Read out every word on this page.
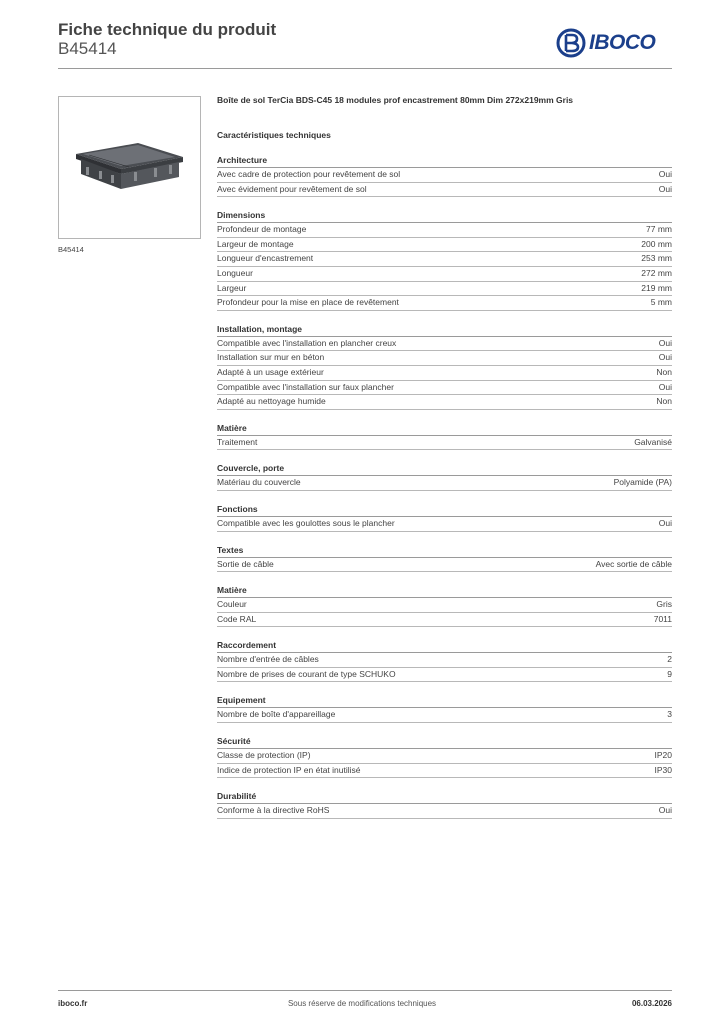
Fiche technique du produit
B45414	IBOCO
B45414
Boîte de sol TerCia BDS-C45 18 modules prof encastrement 80mm Dim 272x219mm Gris
Caractéristiques techniques
Architecture
Avec cadre de protection pour revêtement de sol	Oui
Avec évidement pour revêtement de sol	Oui
Dimensions
Profondeur de montage	77 mm
Largeur de montage	200 mm
Longueur d'encastrement	253 mm
Longueur	272 mm
Largeur	219 mm
Profondeur pour la mise en place de revêtement	5 mm
Installation, montage
Compatible avec l'installation en plancher creux	Oui
Installation sur mur en béton	Oui
Adapté à un usage extérieur	Non
Compatible avec l'installation sur faux plancher	Oui
Adapté au nettoyage humide	Non
Matière
Traitement	Galvanisé
Couvercle, porte
Matériau du couvercle	Polyamide (PA)
Fonctions
Compatible avec les goulottes sous le plancher	Oui
Textes
Sortie de câble	Avec sortie de câble
Matière
Couleur	Gris
Code RAL	7011
Raccordement
Nombre d'entrée de câbles	2
Nombre de prises de courant de type SCHUKO	9
Equipement
Nombre de boîte d'appareillage	3
Sécurité
Classe de protection (IP)	IP20
Indice de protection IP en état inutilisé	IP30
Durabilité
Conforme à la directive RoHS	Oui
iboco.fr	Sous réserve de modifications techniques	06.03.2026
